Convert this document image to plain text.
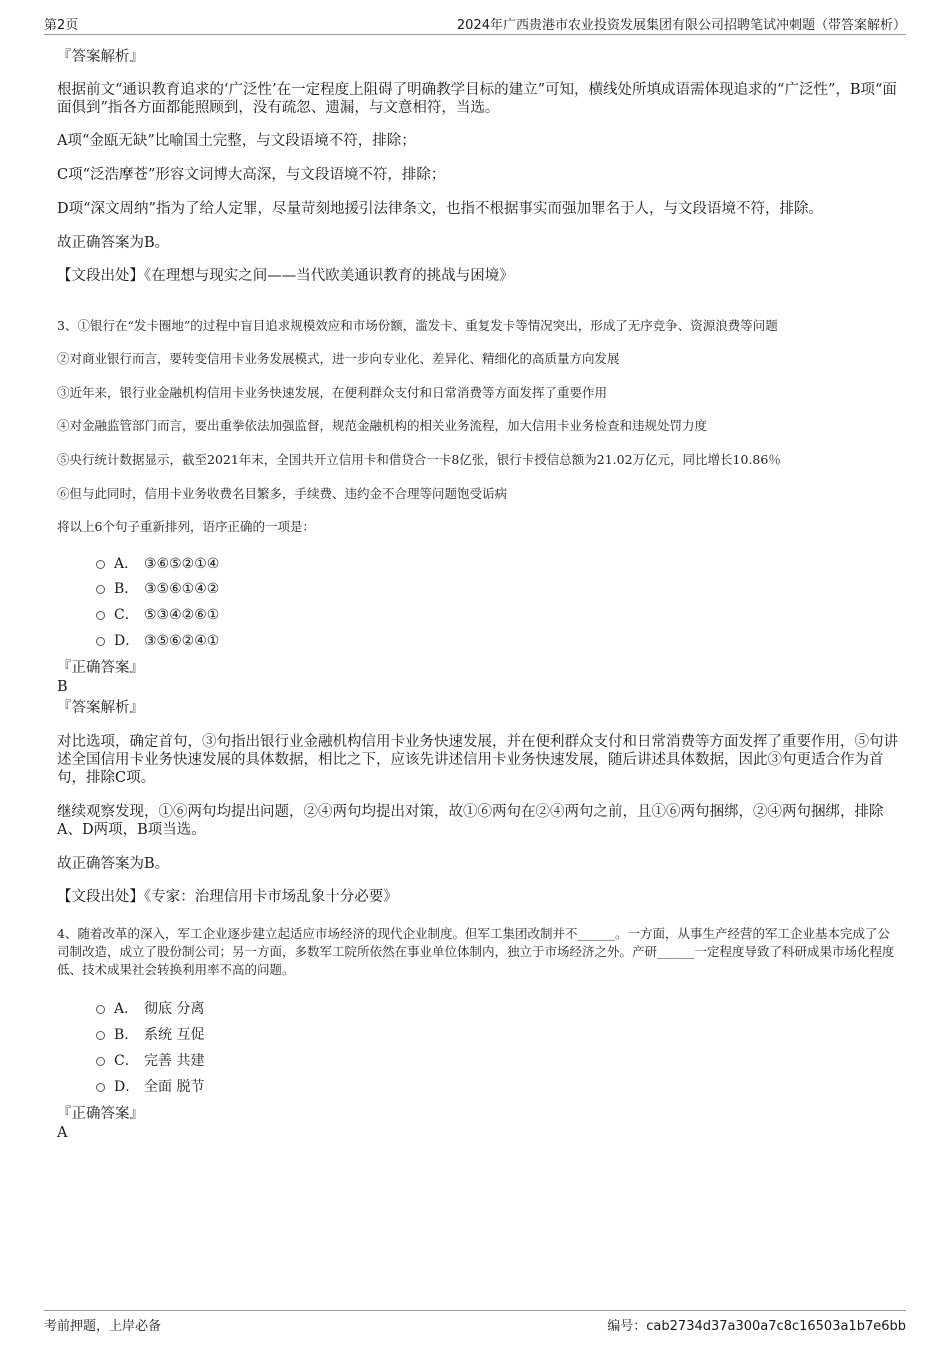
第2页	2024年广西贵港市农业投资发展集团有限公司招聘笔试冲刺题（带答案解析）
『答案解析』
根据前文“通识教育追求的‘广泛性’在一定程度上阻碍了明确教学目标的建立”可知，横线处所填成语需体现追求的“广泛性”，B项“面面俱到”指各方面都能照顾到，没有疏忽、遗漏，与文意相符，当选。
A项“金瓯无缺”比喻国土完整，与文段语境不符，排除；
C项“泛浩摩苍”形容文词博大高深，与文段语境不符，排除；
D项“深文周纳”指为了给人定罪，尽量苛刻地援引法律条文，也指不根据事实而强加罪名于人，与文段语境不符，排除。
故正确答案为B。
【文段出处】《在理想与现实之间——当代欧美通识教育的挑战与困境》
3、①银行在“发卡圈地”的过程中盲目追求规模效应和市场份额，滥发卡、重复发卡等情况突出，形成了无序竞争、资源浪费等问题
②对商业银行而言，要转变信用卡业务发展模式，进一步向专业化、差异化、精细化的高质量方向发展
③近年来，银行业金融机构信用卡业务快速发展，在便利群众支付和日常消费等方面发挥了重要作用
④对金融监管部门而言，要出重拳依法加强监督，规范金融机构的相关业务流程，加大信用卡业务检查和违规处罚力度
⑤央行统计数据显示，截至2021年末，全国共开立信用卡和借贷合一卡8亿张，银行卡授信总额为21.02万亿元，同比增长10.86％
⑥但与此同时，信用卡业务收费名目繁多，手续费、违约金不合理等问题饱受诟病
将以上6个句子重新排列，语序正确的一项是：
A． ③⑥⑤②①④
B． ③⑤⑥①④②
C． ⑤③④②⑥①
D． ③⑤⑥②④①
『正确答案』
B
『答案解析』
对比选项，确定首句，③句指出银行业金融机构信用卡业务快速发展，并在便利群众支付和日常消费等方面发挥了重要作用，⑤句讲述全国信用卡业务快速发展的具体数据，相比之下，应该先讲述信用卡业务快速发展，随后讲述具体数据，因此③句更适合作为首句，排除C项。
继续观察发现，①⑥两句均提出问题，②④两句均提出对策，故①⑥两句在②④两句之前，且①⑥两句捆绑，②④两句捆绑，排除A、D两项，B项当选。
故正确答案为B。
【文段出处】《专家：治理信用卡市场乱象十分必要》
4、随着改革的深入，军工企业逐步建立起适应市场经济的现代企业制度。但军工集团改制并不______。一方面，从事生产经营的军工企业基本完成了公司制改造，成立了股份制公司；另一方面，多数军工院所依然在事业单位体制内，独立于市场经济之外。产研______一定程度导致了科研成果市场化程度低、技术成果社会转换利用率不高的问题。
A． 彻底 分离
B． 系统 互促
C． 完善 共建
D． 全面 脱节
『正确答案』
A
考前押题，上岸必备	编号：cab2734d37a300a7c8c16503a1b7e6bb
